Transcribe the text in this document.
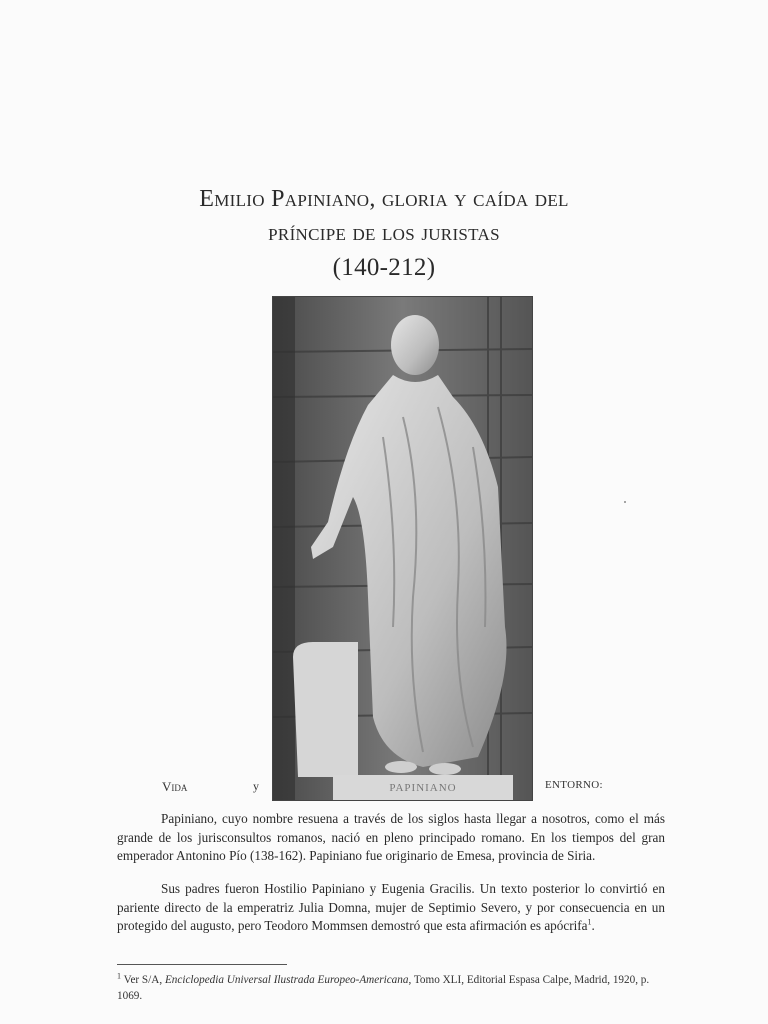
Emilio Papiniano, gloria y caída del
príncipe de los juristas
(140-212)
PAPINIANO
Vida	y	ENTORNO:

Papiniano, cuyo nombre resuena a través de los siglos hasta llegar a nosotros, como el más grande de los jurisconsultos romanos, nació en pleno principado romano. En los tiempos del gran emperador Antonino Pío (138-162). Papiniano fue originario de Emesa, provincia de Siria.

Sus padres fueron Hostilio Papiniano y Eugenia Gracilis. Un texto posterior lo convirtió en pariente directo de la emperatriz Julia Domna, mujer de Septimio Severo, y por consecuencia en un protegido del augusto, pero Teodoro Mommsen demostró que esta afirmación es apócrifa$^1$.

$^1$ Ver S/A, Enciclopedia Universal Ilustrada Europeo-Americana, Tomo XLI, Editorial Espasa Calpe, Madrid, 1920, p. 1069.
